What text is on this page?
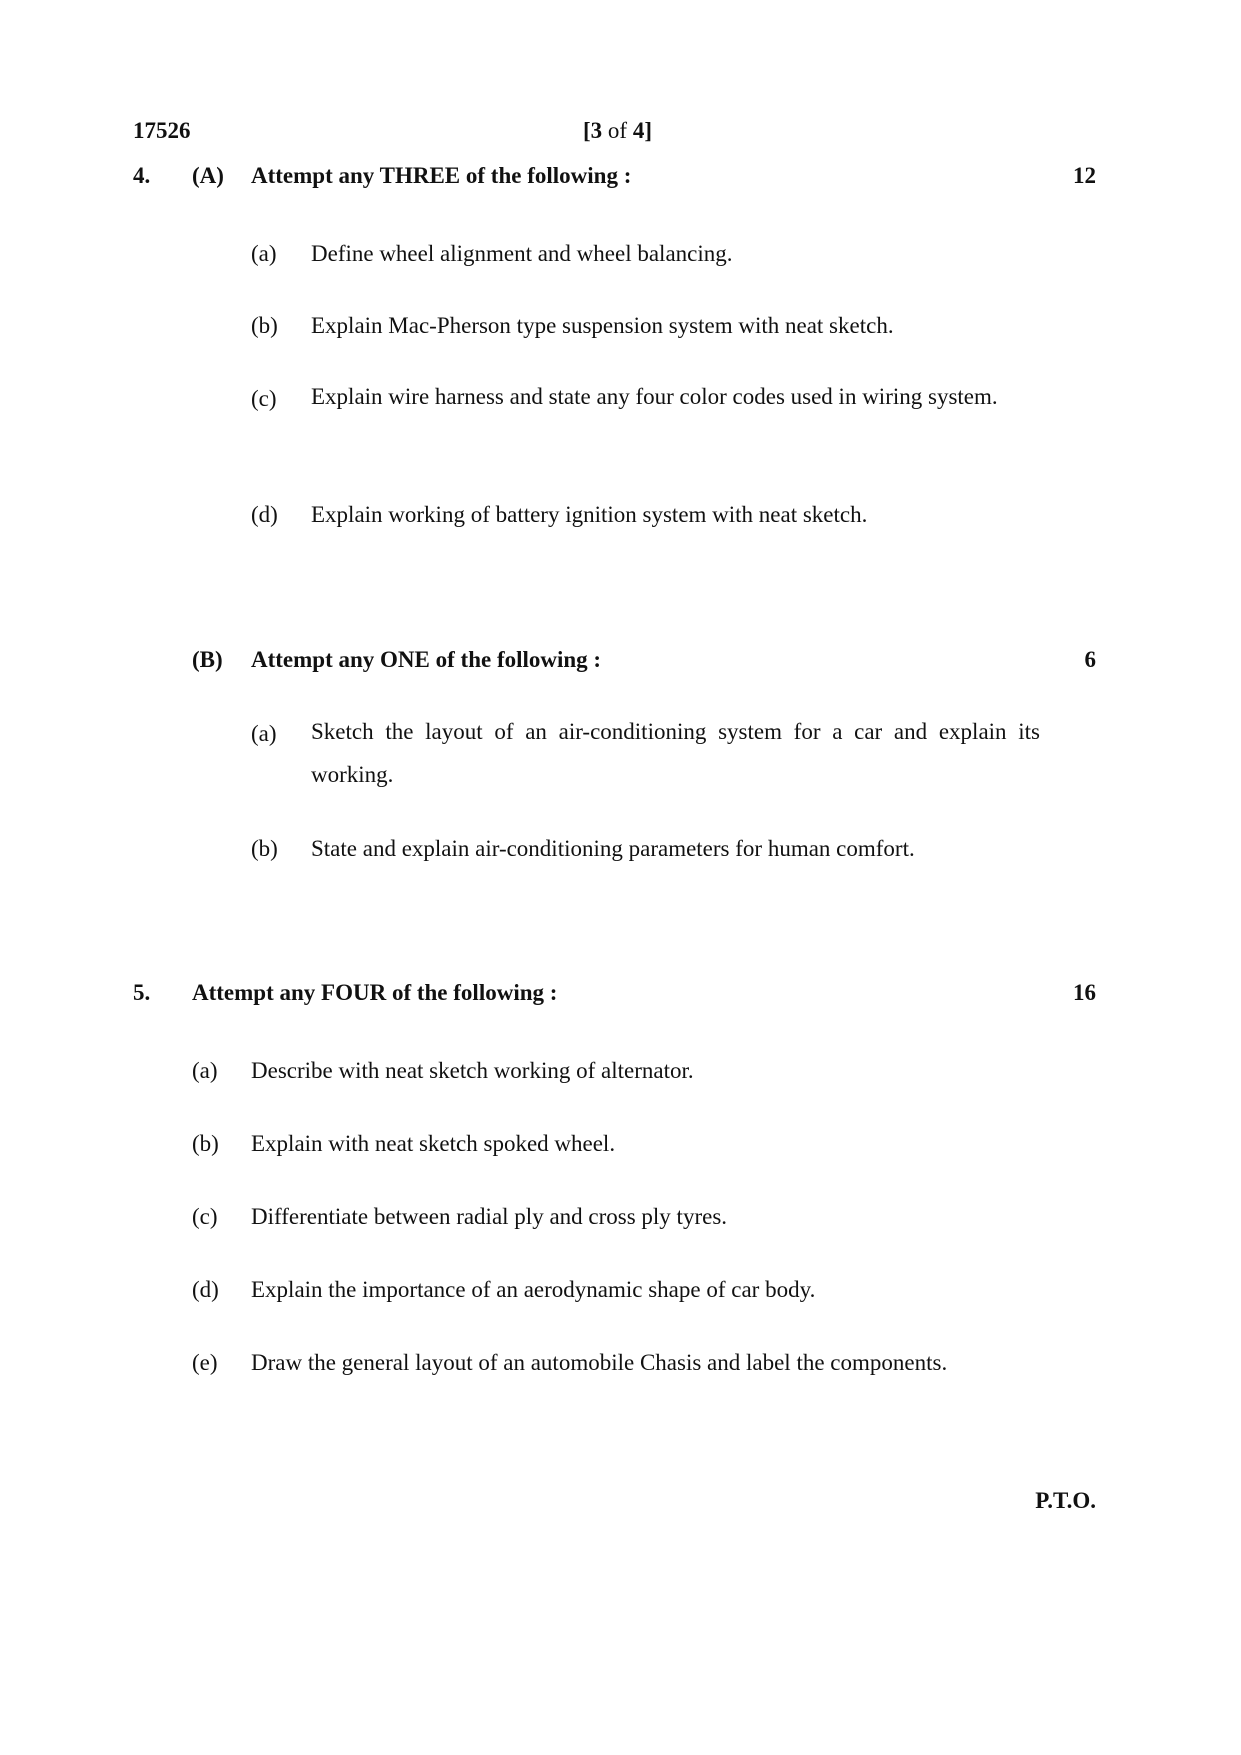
17526	[3 of 4]
4. (A) Attempt any THREE of the following :	12
(a) Define wheel alignment and wheel balancing.
(b) Explain Mac-Pherson type suspension system with neat sketch.
(c) Explain wire harness and state any four color codes used in wiring system.
(d) Explain working of battery ignition system with neat sketch.
(B) Attempt any ONE of the following :	6
(a) Sketch the layout of an air-conditioning system for a car and explain its working.
(b) State and explain air-conditioning parameters for human comfort.
5. Attempt any FOUR of the following :	16
(a) Describe with neat sketch working of alternator.
(b) Explain with neat sketch spoked wheel.
(c) Differentiate between radial ply and cross ply tyres.
(d) Explain the importance of an aerodynamic shape of car body.
(e) Draw the general layout of an automobile Chasis and label the components.
P.T.O.
